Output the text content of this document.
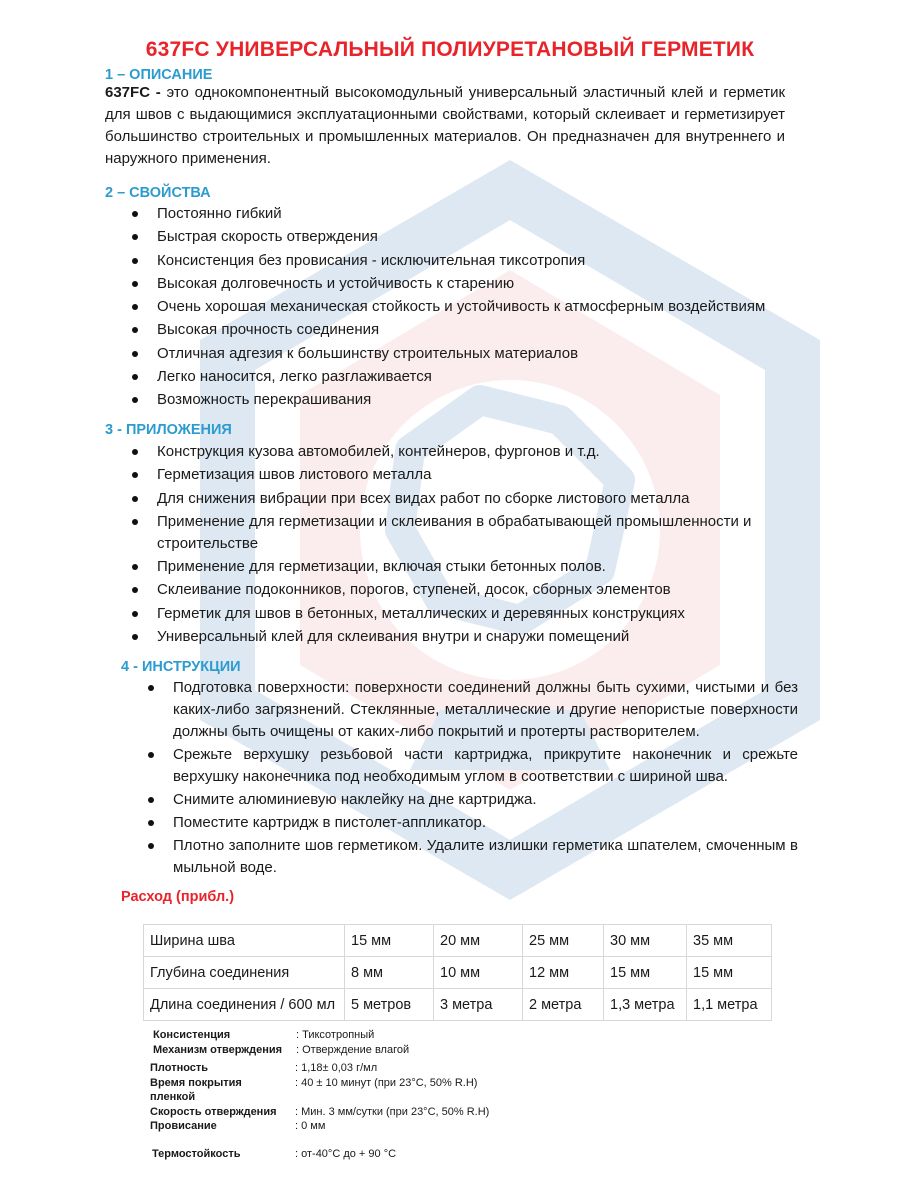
637FC УНИВЕРСАЛЬНЫЙ ПОЛИУРЕТАНОВЫЙ ГЕРМЕТИК
1 – ОПИСАНИЕ

637FC - это однокомпонентный высокомодульный универсальный эластичный клей и герметик для швов с выдающимися эксплуатационными свойствами, который склеивает и герметизирует большинство строительных и промышленных материалов. Он предназначен для внутреннего и наружного применения.

2 – СВОЙСТВА
Постоянно гибкий
Быстрая скорость отверждения
Консистенция без провисания - исключительная тиксотропия
Высокая долговечность и устойчивость к старению
Очень хорошая механическая стойкость и устойчивость к атмосферным воздействиям
Высокая прочность соединения
Отличная адгезия к большинству строительных материалов
Легко наносится, легко разглаживается
Возможность перекрашивания
3 - ПРИЛОЖЕНИЯ
Конструкция кузова автомобилей, контейнеров, фургонов и т.д.
Герметизация швов листового металла
Для снижения вибрации при всех видах работ по сборке листового металла
Применение для герметизации и склеивания в обрабатывающей промышленности и строительстве
Применение для герметизации, включая стыки бетонных полов.
Склеивание подоконников, порогов, ступеней, досок, сборных элементов
Герметик для швов в бетонных, металлических и деревянных конструкциях
Универсальный клей для склеивания внутри и снаружи помещений
4 - ИНСТРУКЦИИ
Подготовка поверхности: поверхности соединений должны быть сухими, чистыми и без каких-либо загрязнений. Стеклянные, металлические и другие непористые поверхности должны быть очищены от каких-либо покрытий и протерты растворителем.
Срежьте верхушку резьбовой части картриджа, прикрутите наконечник и срежьте верхушку наконечника под необходимым углом в соответствии с шириной шва.
Снимите алюминиевую наклейку на дне картриджа.
Поместите картридж в пистолет-аппликатор.
Плотно заполните шов герметиком. Удалите излишки герметика шпателем, смоченным в мыльной воде.
Расход (прибл.)
Ширина шва	15 мм	20 мм	25 мм	30 мм	35 мм
Глубина соединения	8 мм	10 мм	12 мм	15 мм	15 мм
Длина соединения / 600 мл	5 метров	3 метра	2 метра	1,3 метра	1,1 метра
Консистенция	: Тиксотропный
Механизм отверждения : Отверждение влагой
Плотность	: 1,18± 0,03 г/мл
Время покрытия	: 40 ± 10 минут (при 23°C, 50% R.H)
пленкой
Скорость отверждения : Мин. 3 мм/сутки (при 23°C, 50% R.H)
Провисание	: 0 мм
Термостойкость	: от-40°C до + 90 °C
